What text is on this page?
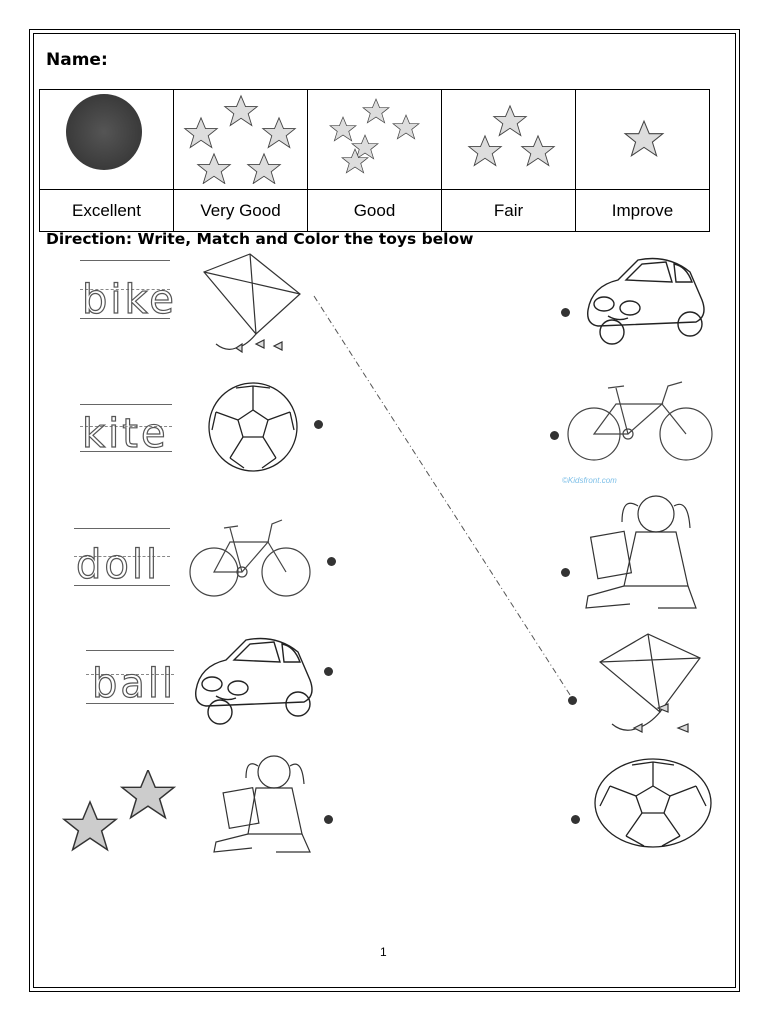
Name:

Excellent	Very Good	Good	Fair	Improve
Direction: Write, Match and Color the toys below
bike
kite
doll
ball
©Kidsfront.com
1
